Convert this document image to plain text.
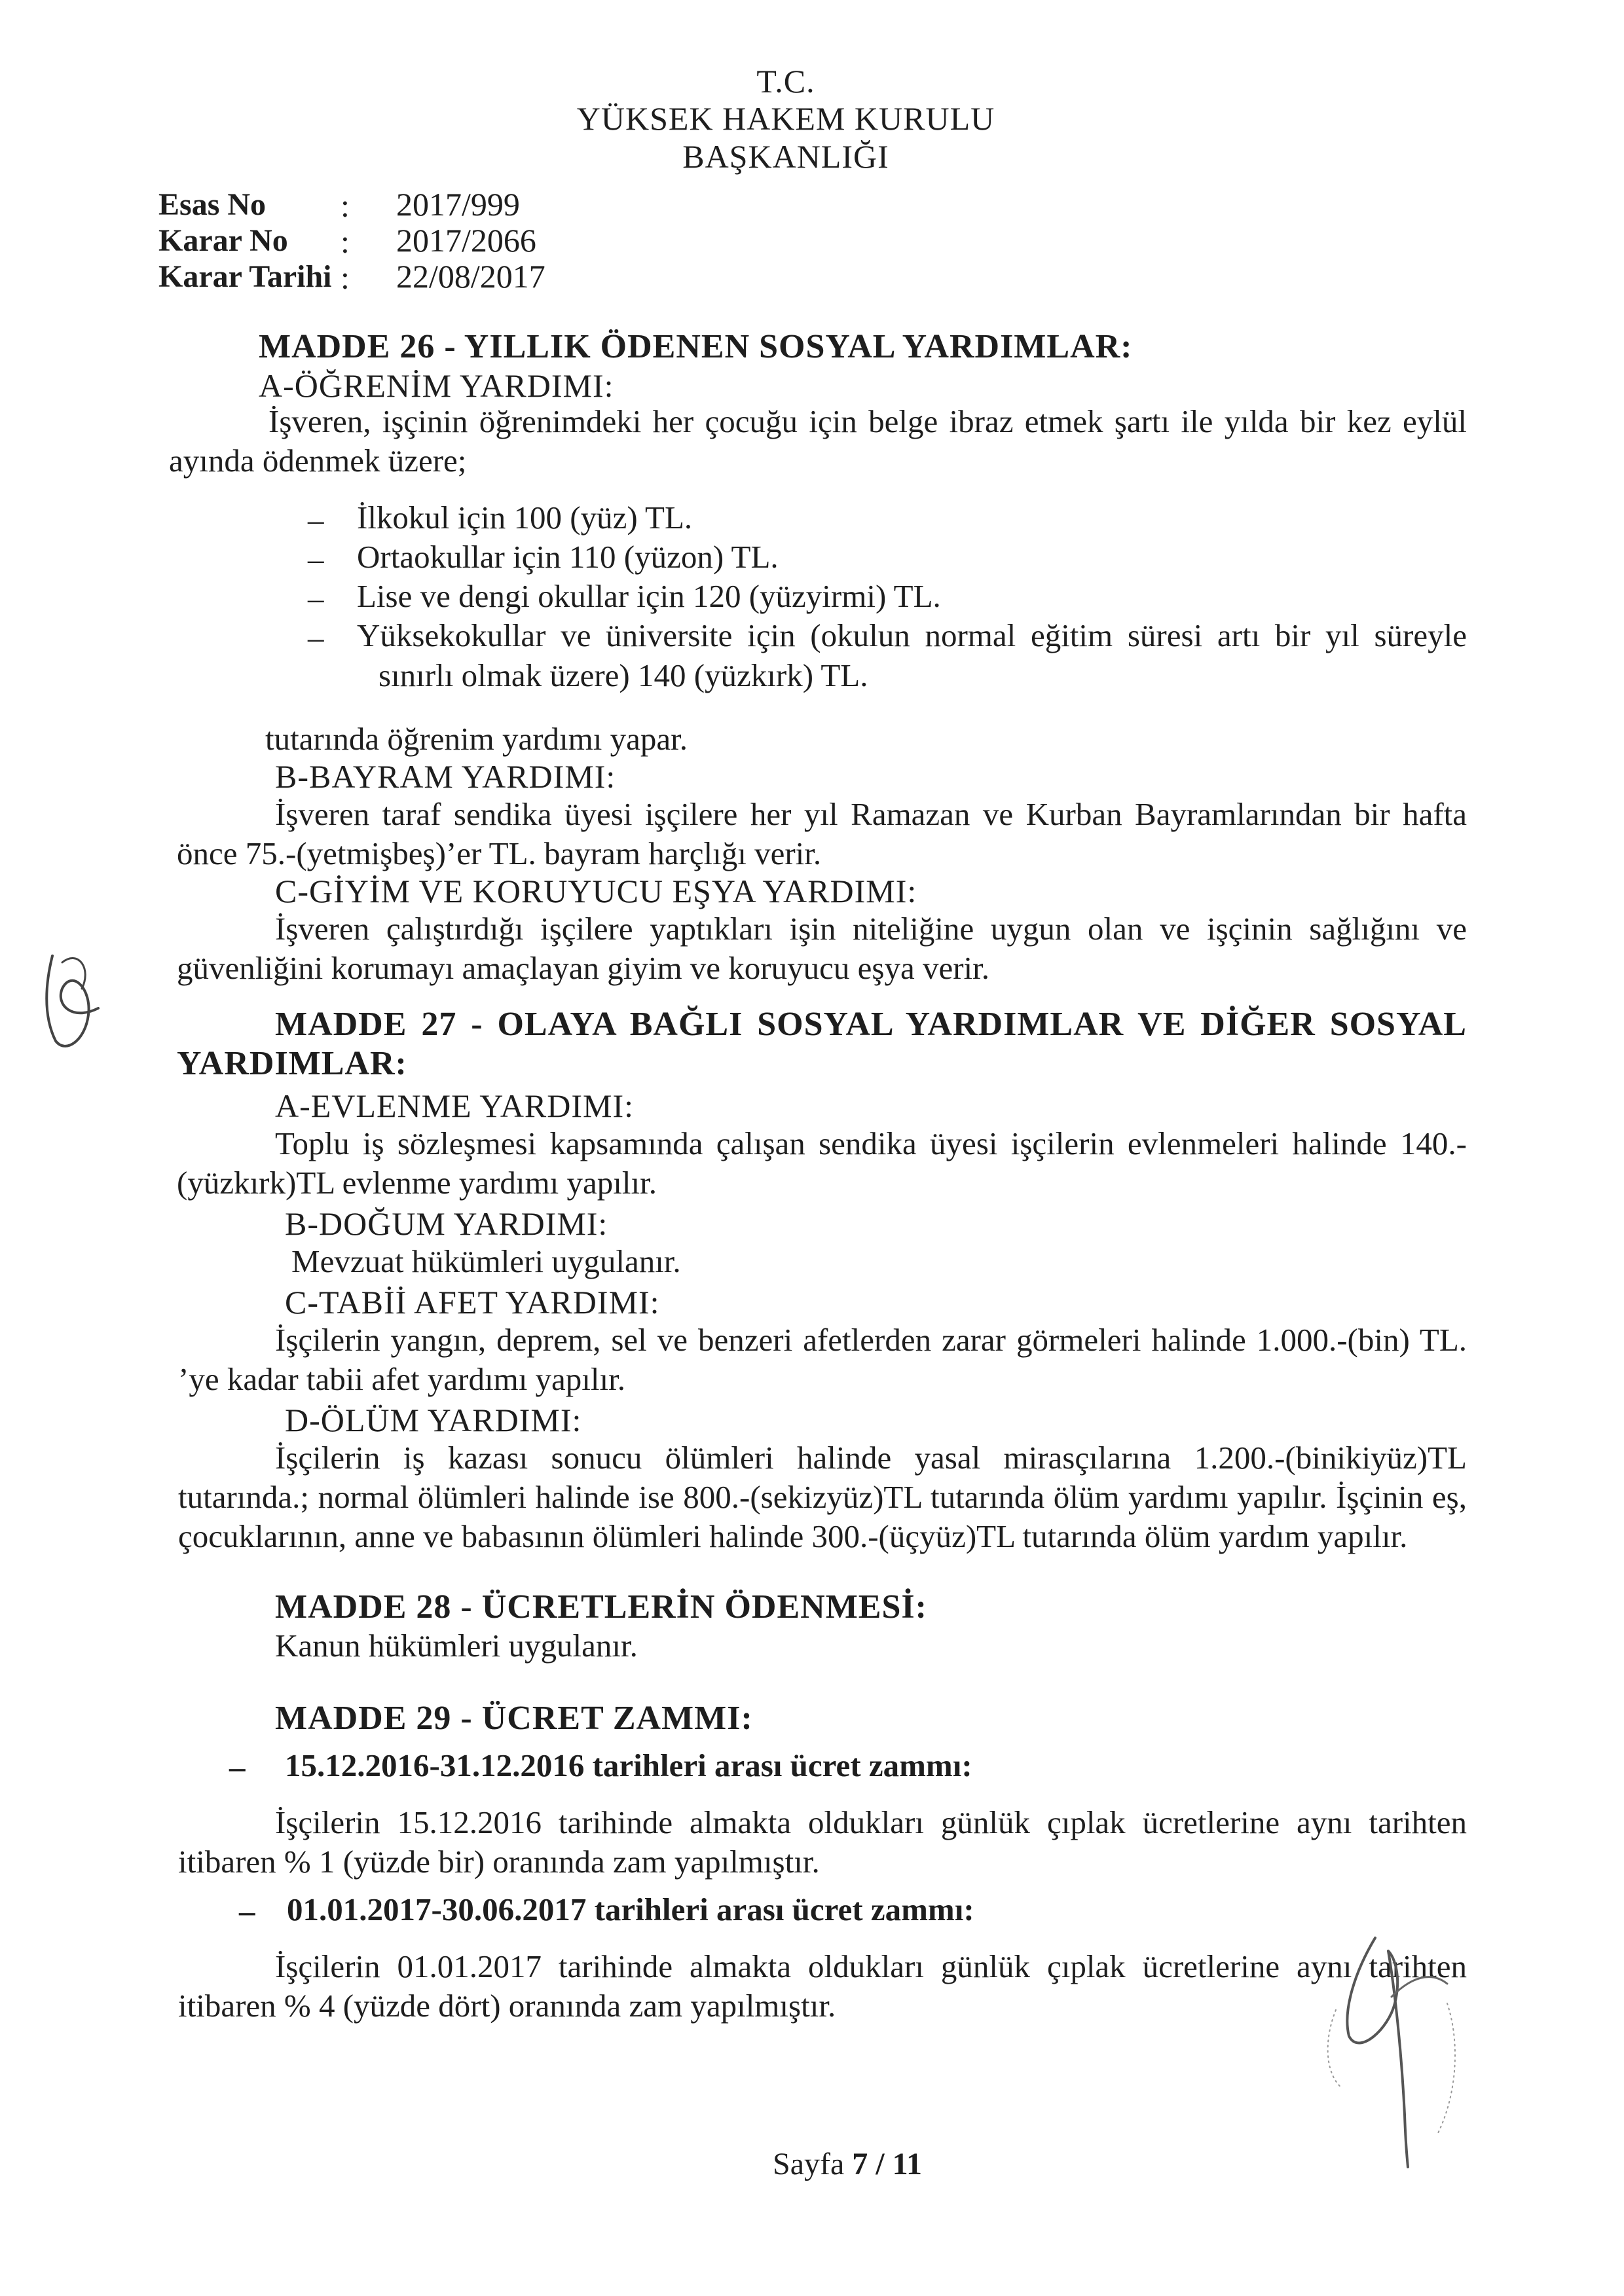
T.C.
YÜKSEK HAKEM KURULU
BAŞKANLIĞI
Esas No : 2017/999
Karar No : 2017/2066
Karar Tarihi : 22/08/2017
MADDE 26 - YILLIK ÖDENEN SOSYAL YARDIMLAR:
A-ÖĞRENİM YARDIMI:
İşveren, işçinin öğrenimdeki her çocuğu için belge ibraz etmek şartı ile yılda bir kez eylül
ayında ödenmek üzere;
– İlkokul için 100 (yüz) TL.
– Ortaokullar için 110 (yüzon) TL.
– Lise ve dengi okullar için 120 (yüzyirmi) TL.
– Yüksekokullar ve üniversite için (okulun normal eğitim süresi artı bir yıl süreyle
sınırlı olmak üzere) 140 (yüzkırk) TL.
tutarında öğrenim yardımı yapar.
B-BAYRAM YARDIMI:
İşveren taraf sendika üyesi işçilere her yıl Ramazan ve Kurban Bayramlarından bir hafta
önce 75.-(yetmişbeş)’er TL. bayram harçlığı verir.
C-GİYİM VE KORUYUCU EŞYA YARDIMI:
İşveren çalıştırdığı işçilere yaptıkları işin niteliğine uygun olan ve işçinin sağlığını ve
güvenliğini korumayı amaçlayan giyim ve koruyucu eşya verir.
MADDE 27 - OLAYA BAĞLI SOSYAL YARDIMLAR VE DİĞER SOSYAL
YARDIMLAR:
A-EVLENME YARDIMI:
Toplu iş sözleşmesi kapsamında çalışan sendika üyesi işçilerin evlenmeleri halinde 140.-
(yüzkırk)TL evlenme yardımı yapılır.
B-DOĞUM YARDIMI:
Mevzuat hükümleri uygulanır.
C-TABİİ AFET YARDIMI:
İşçilerin yangın, deprem, sel ve benzeri afetlerden zarar görmeleri halinde 1.000.-(bin) TL.
’ye kadar tabii afet yardımı yapılır.
D-ÖLÜM YARDIMI:
İşçilerin iş kazası sonucu ölümleri halinde yasal mirasçılarına 1.200.-(binikiyüz)TL
tutarında.; normal ölümleri halinde ise 800.-(sekizyüz)TL tutarında ölüm yardımı yapılır. İşçinin eş,
çocuklarının, anne ve babasının ölümleri halinde 300.-(üçyüz)TL tutarında ölüm yardım yapılır.
MADDE 28 - ÜCRETLERİN ÖDENMESİ:
Kanun hükümleri uygulanır.
MADDE 29 - ÜCRET ZAMMI:
– 15.12.2016-31.12.2016 tarihleri arası ücret zammı:
İşçilerin 15.12.2016 tarihinde almakta oldukları günlük çıplak ücretlerine aynı tarihten
itibaren % 1 (yüzde bir) oranında zam yapılmıştır.
– 01.01.2017-30.06.2017 tarihleri arası ücret zammı:
İşçilerin 01.01.2017 tarihinde almakta oldukları günlük çıplak ücretlerine aynı tarihten
itibaren % 4 (yüzde dört) oranında zam yapılmıştır.
Sayfa 7 / 11
